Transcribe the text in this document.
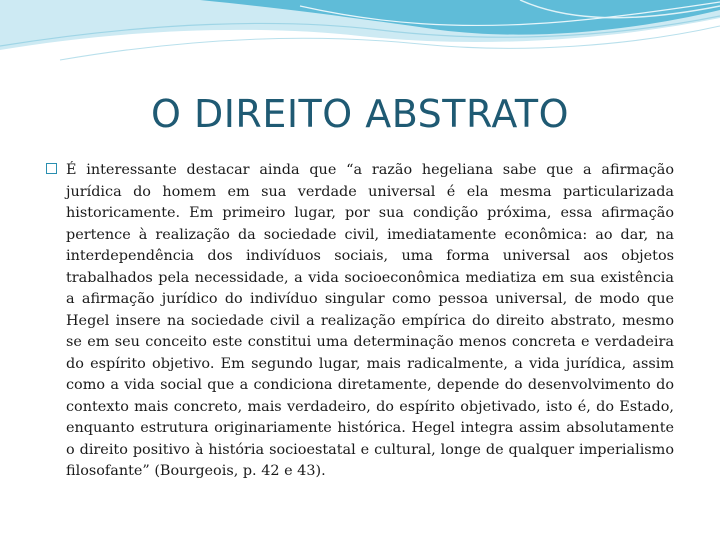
O DIREITO ABSTRATO
É interessante destacar ainda que “a razão hegeliana sabe que a afirmação jurídica do homem em sua verdade universal é ela mesma particularizada historicamente. Em primeiro lugar, por sua condição próxima, essa afirmação pertence à realização da sociedade civil, imediatamente econômica: ao dar, na interdependência dos indivíduos sociais, uma forma universal aos objetos trabalhados pela necessidade, a vida socioeconômica mediatiza em sua existência a afirmação jurídico do indivíduo singular como pessoa universal, de modo que Hegel insere na sociedade civil a realização empírica do direito abstrato, mesmo se em seu conceito este constitui uma determinação menos concreta e verdadeira do espírito objetivo. Em segundo lugar, mais radicalmente, a vida jurídica, assim como a vida social que a condiciona diretamente, depende do desenvolvimento do contexto mais concreto, mais verdadeiro, do espírito objetivado, isto é, do Estado, enquanto estrutura originariamente histórica. Hegel integra assim absolutamente o direito positivo à história socioestatal e cultural, longe de qualquer imperialismo filosofante” (Bourgeois, p. 42 e 43).
